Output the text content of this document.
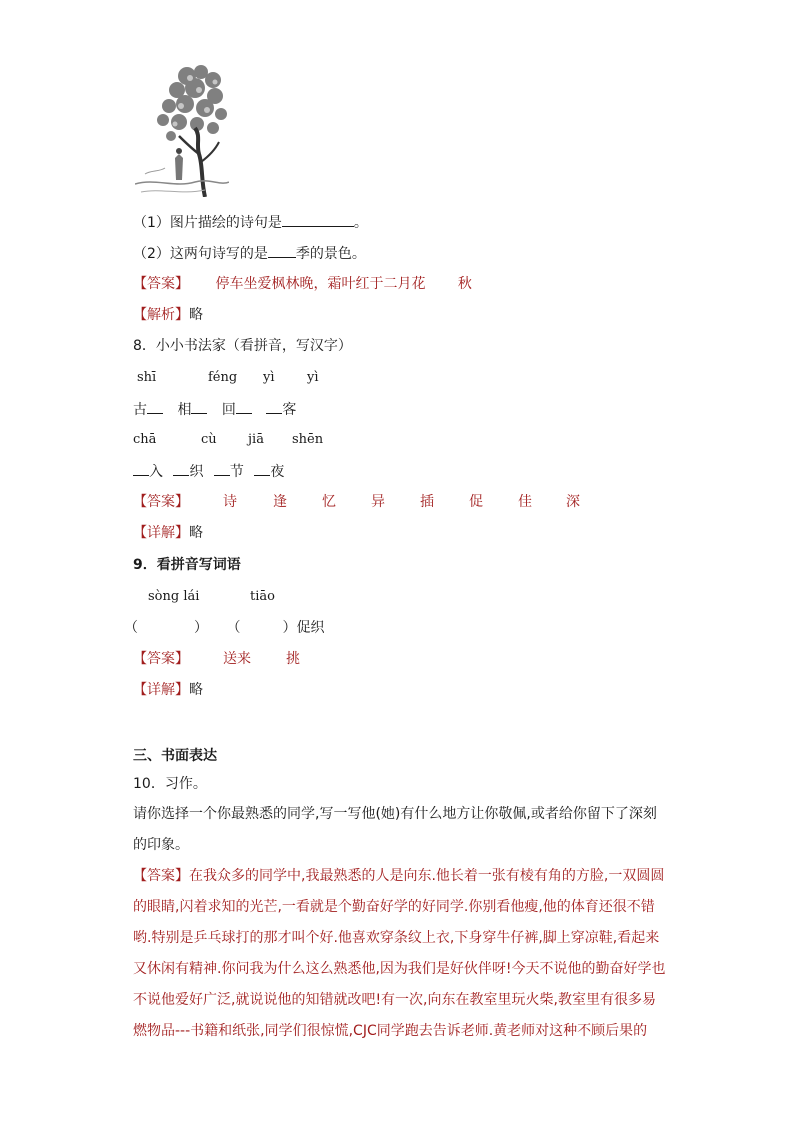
（1）图片描绘的诗句是	。
（2）这两句诗写的是 季的景色。
【答案】 停车坐爱枫林晚，霜叶红于二月花 秋
【解析】略
8．小小书法家（看拼音，写汉字）
shī	féng yì yì
古 相 回	客
chā	cù jiā shēn
入 织 节 夜
【答案】 诗	逢	忆	异	插	促	佳 深
【详解】略
9．看拼音写词语
sòng lái	tiāo
（　　　　） （　　　）促织
【答案】 送来	挑
【详解】略
三、书面表达
10．习作。
请你选择一个你最熟悉的同学,写一写他(她)有什么地方让你敬佩,或者给你留下了深刻
的印象。
【答案】在我众多的同学中,我最熟悉的人是向东.他长着一张有棱有角的方脸,一双圆圆
的眼睛,闪着求知的光芒,一看就是个勤奋好学的好同学.你别看他瘦,他的体育还很不错
哟.特别是乒乓球打的那才叫个好.他喜欢穿条纹上衣,下身穿牛仔裤,脚上穿凉鞋,看起来
又休闲有精神.你问我为什么这么熟悉他,因为我们是好伙伴呀!今天不说他的勤奋好学也
不说他爱好广泛,就说说他的知错就改吧!有一次,向东在教室里玩火柴,教室里有很多易
燃物品---书籍和纸张,同学们很惊慌,CJC同学跑去告诉老师.黄老师对这种不顾后果的
